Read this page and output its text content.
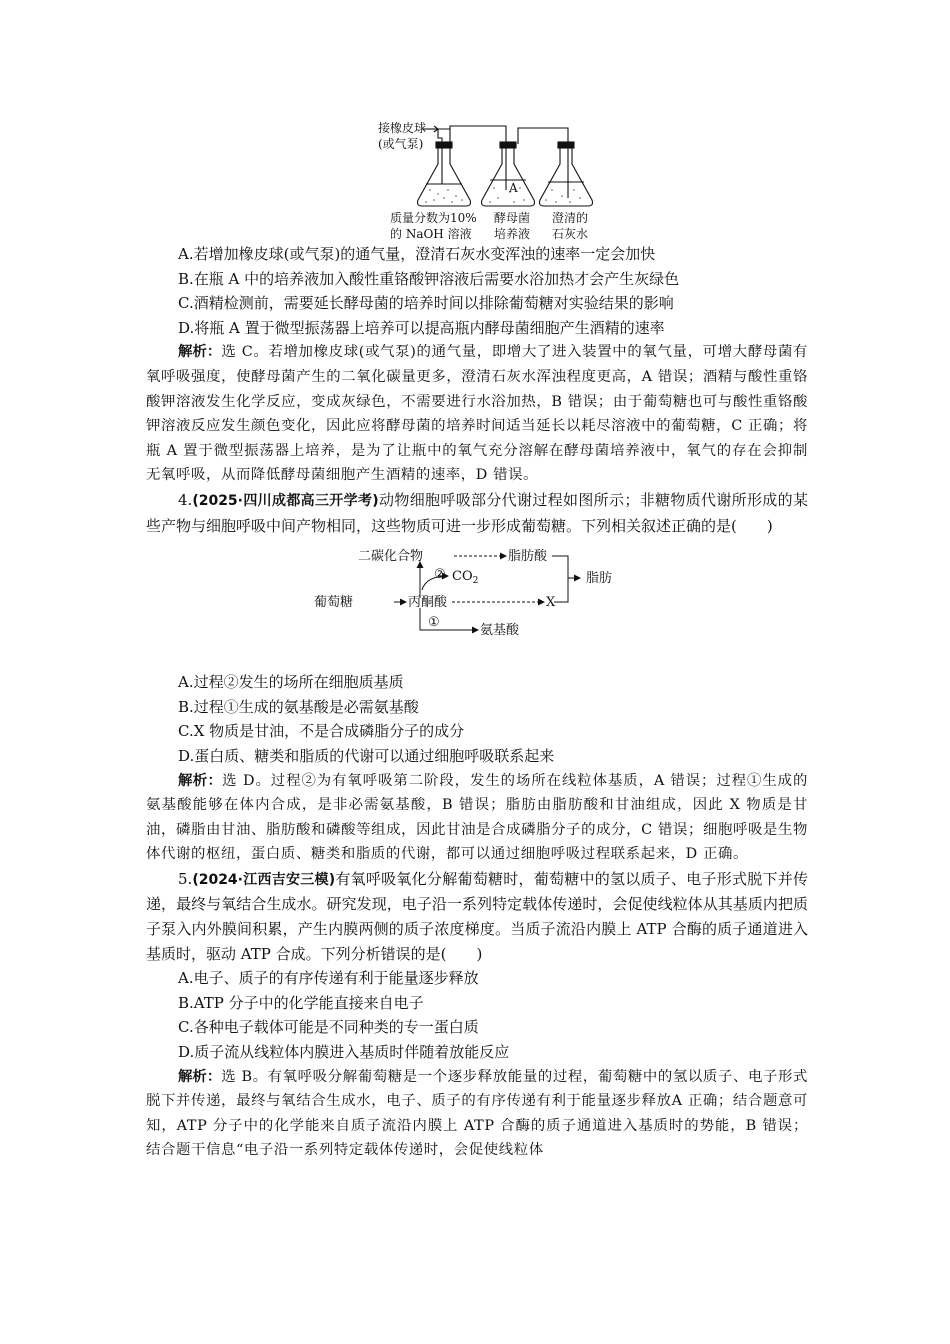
接橡皮球
(或气泵)
A
质量分数为10%
的 NaOH 溶液
酵母菌
培养液
澄清的
石灰水

A.若增加橡皮球(或气泵)的通气量，澄清石灰水变浑浊的速率一定会加快

B.在瓶 A 中的培养液加入酸性重铬酸钾溶液后需要水浴加热才会产生灰绿色

C.酒精检测前，需要延长酵母菌的培养时间以排除葡萄糖对实验结果的影响

D.将瓶 A 置于微型振荡器上培养可以提高瓶内酵母菌细胞产生酒精的速率

解析：选 C。若增加橡皮球(或气泵)的通气量，即增大了进入装置中的氧气量，可增大酵母菌有氧呼吸强度，使酵母菌产生的二氧化碳量更多，澄清石灰水浑浊程度更高，A 错误；酒精与酸性重铬酸钾溶液发生化学反应，变成灰绿色，不需要进行水浴加热，B 错误；由于葡萄糖也可与酸性重铬酸钾溶液反应发生颜色变化，因此应将酵母菌的培养时间适当延长以耗尽溶液中的葡萄糖，C 正确；将瓶 A 置于微型振荡器上培养，是为了让瓶中的氧气充分溶解在酵母菌培养液中，氧气的存在会抑制无氧呼吸，从而降低酵母菌细胞产生酒精的速率，D 错误。

4.(2025·四川成都高三开学考)动物细胞呼吸部分代谢过程如图所示；非糖物质代谢所形成的某些产物与细胞呼吸中间产物相同，这些物质可进一步形成葡萄糖。下列相关叙述正确的是(　　)

二碳化合物	脂肪酸
② $CO_2$	脂肪
葡萄糖	丙酮酸	X
①
氨基酸

A.过程②发生的场所在细胞质基质

B.过程①生成的氨基酸是必需氨基酸

C.X 物质是甘油，不是合成磷脂分子的成分

D.蛋白质、糖类和脂质的代谢可以通过细胞呼吸联系起来

解析：选 D。过程②为有氧呼吸第二阶段，发生的场所在线粒体基质，A 错误；过程①生成的氨基酸能够在体内合成，是非必需氨基酸，B 错误；脂肪由脂肪酸和甘油组成，因此 X 物质是甘油，磷脂由甘油、脂肪酸和磷酸等组成，因此甘油是合成磷脂分子的成分，C 错误；细胞呼吸是生物体代谢的枢纽，蛋白质、糖类和脂质的代谢，都可以通过细胞呼吸过程联系起来，D 正确。

5.(2024·江西吉安三模)有氧呼吸氧化分解葡萄糖时，葡萄糖中的氢以质子、电子形式脱下并传递，最终与氧结合生成水。研究发现，电子沿一系列特定载体传递时，会促使线粒体从其基质内把质子泵入内外膜间积累，产生内膜两侧的质子浓度梯度。当质子流沿内膜上 ATP 合酶的质子通道进入基质时，驱动 ATP 合成。下列分析错误的是(　　)

A.电子、质子的有序传递有利于能量逐步释放

B.ATP 分子中的化学能直接来自电子

C.各种电子载体可能是不同种类的专一蛋白质

D.质子流从线粒体内膜进入基质时伴随着放能反应

解析：选 B。有氧呼吸分解葡萄糖是一个逐步释放能量的过程，葡萄糖中的氢以质子、电子形式脱下并传递，最终与氧结合生成水，电子、质子的有序传递有利于能量逐步释放A 正确；结合题意可知，ATP 分子中的化学能来自质子流沿内膜上 ATP 合酶的质子通道进入基质时的势能，B 错误；结合题干信息“电子沿一系列特定载体传递时，会促使线粒体
